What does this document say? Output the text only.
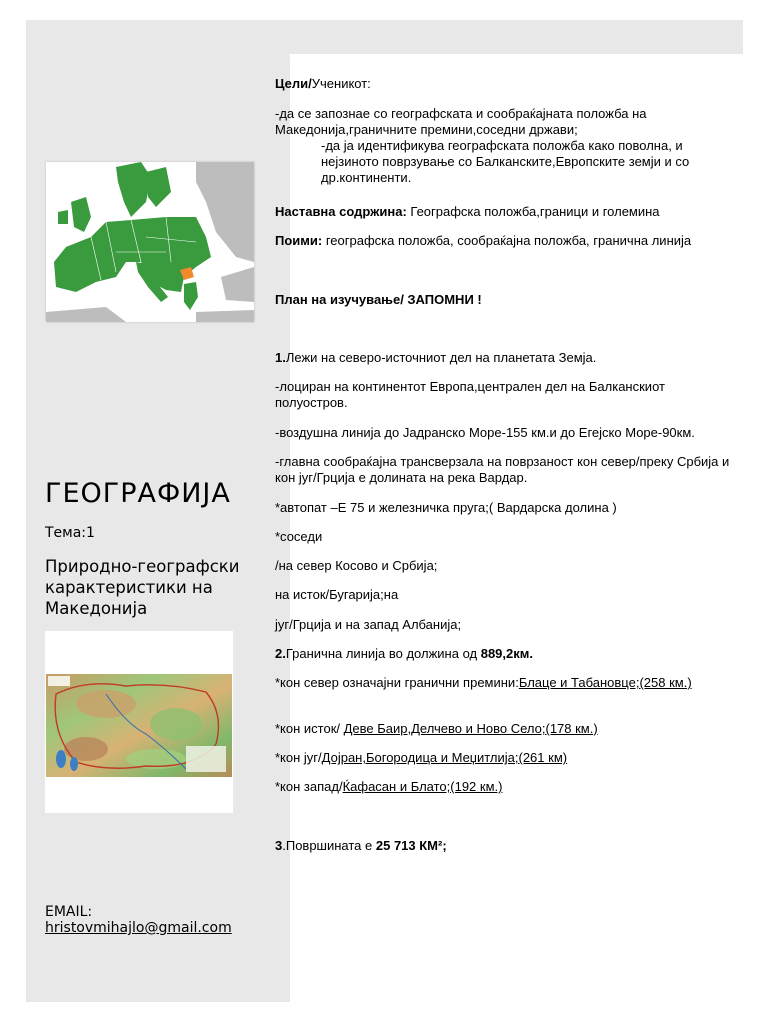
ГЕОГРАФИЈА
Тема:1
Природно-географски карактеристики на Македонија
EMAIL:
hristovmihajlo@gmail.com
Цели/Ученикот:
-да се запознае со географската и сообраќајната положба на Македонија,граничните премини,соседни држави;
-да ја идентификува географската положба како поволна, и нејзиното поврзување со Балканските,Европските земји и со др.континенти.
Наставна содржина: Географска положба,граници и големина
Поими: географска положба, сообраќајна положба, гранична линија
План на изучување/ ЗАПОМНИ !
1.Лежи на северо-источниот дел на планетата Земја.
-лоциран на континентот Европа,централен дел на Балканскиот полуостров.
-воздушна линија до Јадранско Море-155 км.и до Егејско Море-90км.
-главна сообраќајна трансверзала на поврзаност кон север/преку Србија и кон југ/Грција е долината на река Вардар.
*автопат –Е 75 и железничка пруга;( Вардарска долина )
*соседи
/на север Косово и Србија;
на исток/Бугарија;на
југ/Грција и на запад Албанија;
2.Гранична линија во должина од 889,2км.
*кон север означајни гранични премини:Блаце и Табановце;(258 км.)
*кон исток/ Деве Баир,Делчево и Ново Село;(178 км.)
*кон југ/Дојран,Богородица и Меџитлија;(261 км)
*кон запад/Ќафасан и Блато;(192 км.)
3.Површината е 25 713 КМ²;
